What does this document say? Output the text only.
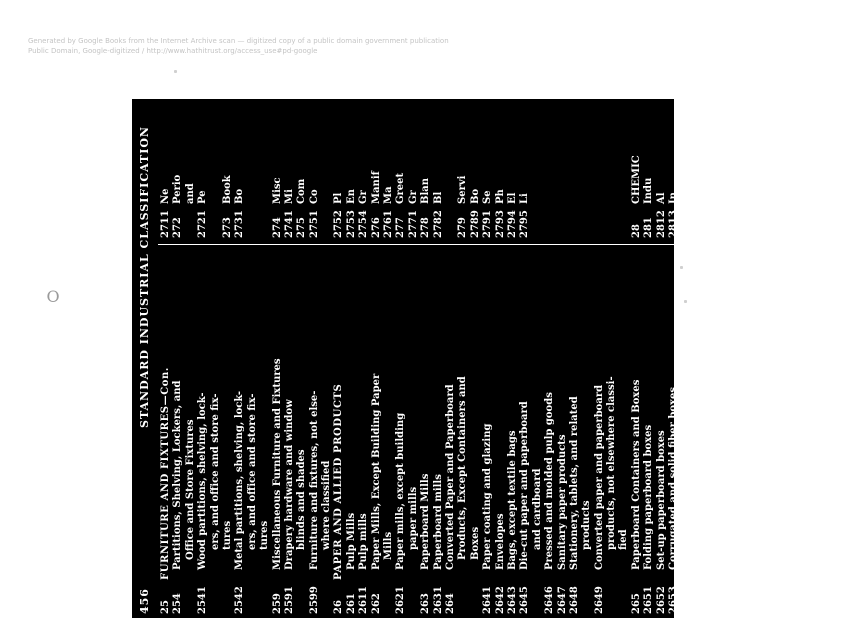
Generated by Google Books from the Internet Archive scan — digitized copy of a public domain government publication
Public Domain, Google-digitized / http://www.hathitrust.org/access_use#pd-google
O
456
STANDARD INDUSTRIAL CLASSIFICATION
25
FURNITURE AND FIXTURES—Con.
254
Partitions, Shelving, Lockers, and Office and Store Fixtures
2541
Wood partitions, shelving, lock- ers, and office and store fix- tures
2542
Metal partitions, shelving, lock- ers, and office and store fix- tures
259
Miscellaneous Furniture and Fixtures
2591
Drapery hardware and window blinds and shades
2599
Furniture and fixtures, not else- where classified
26
PAPER AND ALLIED PRODUCTS
261
Pulp Mills
2611
Pulp mills
262
Paper Mills, Except Building Paper Mills
2621
Paper mills, except building paper mills
263
Paperboard Mills
2631
Paperboard mills
264
Converted Paper and Paperboard Products, Except Containers and Boxes
2641
Paper coating and glazing
2642
Envelopes
2643
Bags, except textile bags
2645
Die-cut paper and paperboard and cardboard
2646
Pressed and molded pulp goods
2647
Sanitary paper products
2648
Stationery, tablets, and related products
2649
Converted paper and paperboard products, not elsewhere classi- fied
265
Paperboard Containers and Boxes
2651
Folding paperboard boxes
2652
Set-up paperboard boxes
2653
Corrugated and solid fiber boxes
2654
Sanitary food containers
2655
Fiber cans, tubes, drums, and similar products
266
Building Paper and Building Board Mills
2661
Building paper and building board mills
27
PRINTING, PUBLISHING, AND ALLIED INDUSTRIES
271
Newspapers: Publishing, Publishing and Printing
2711
Ne
272
Perio and
2721
Pe
273
Book
2731
Bo
274
Misc
2741
Mi
275
Com
2751
Co
2752
Pl
2753
En
2754
Gr
276
Manif
2761
Ma
277
Greet
2771
Gr
278
Blan
2782
Bl
279
Servi
2789
Bo
2791
Se
2793
Ph
2794
El
2795
Li
28
CHEMIC
281
Indu
2812
Al
2813
In
2815
Cy
2816
In
2818
In
2819
In
282
Plas Re Gl
2821
Pl
2822
Sy
2823
Ce
2824
Sy
